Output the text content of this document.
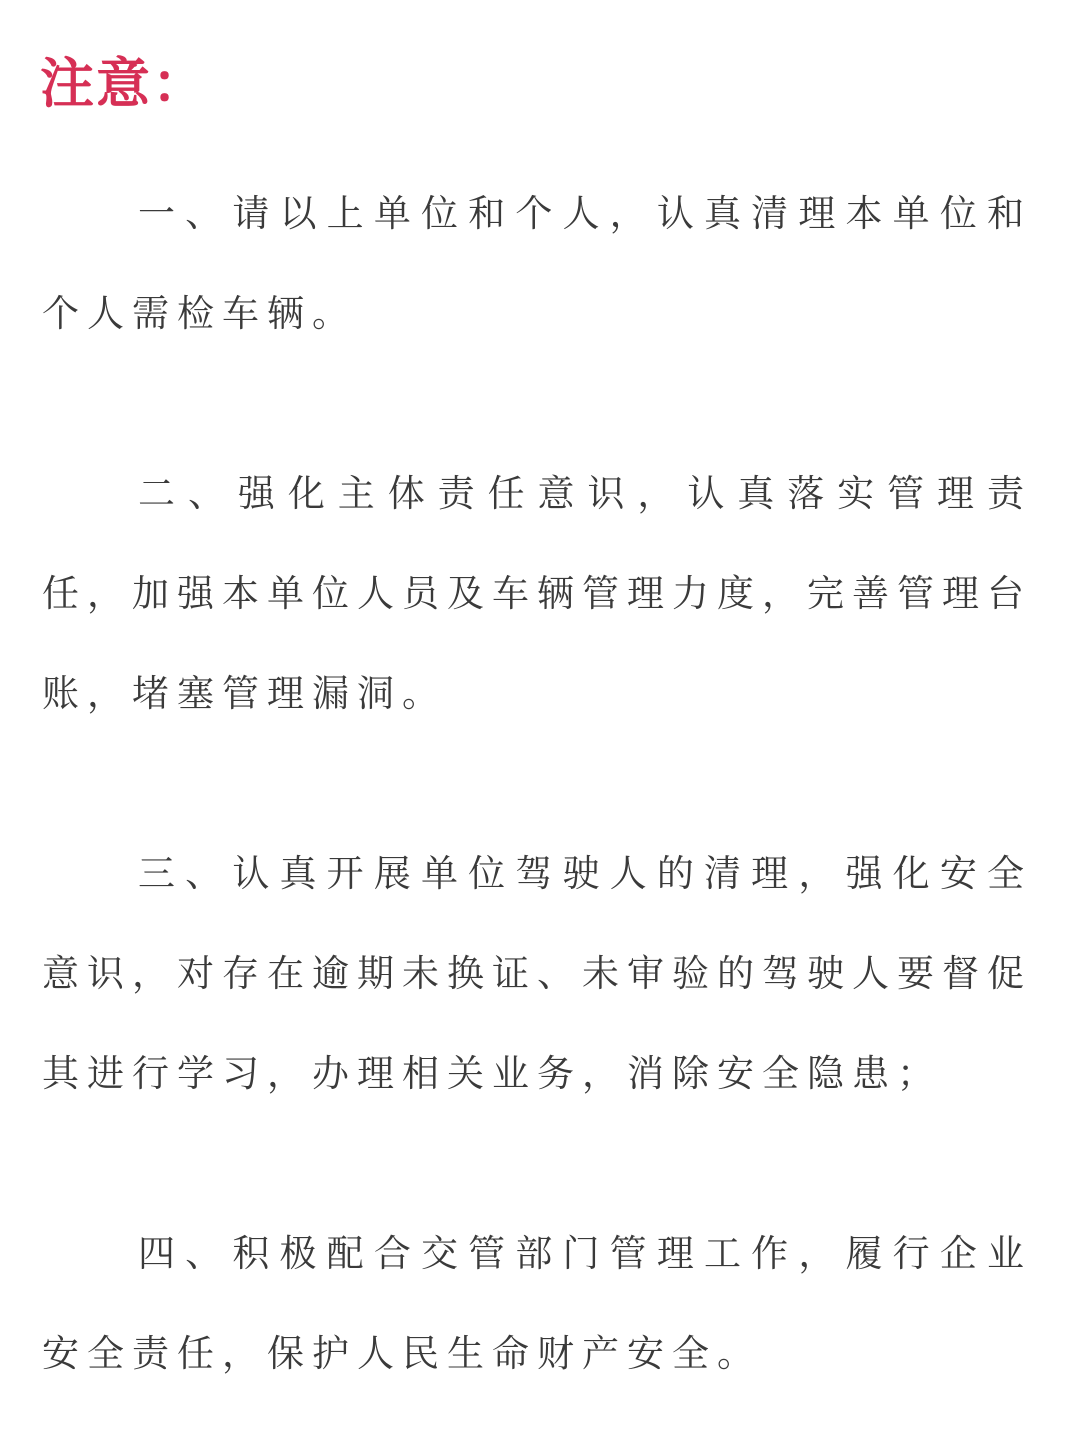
注意：

一、请以上单位和个人，认真清理本单位和个人需检车辆。

二、强化主体责任意识，认真落实管理责任，加强本单位人员及车辆管理力度，完善管理台账，堵塞管理漏洞。

三、认真开展单位驾驶人的清理，强化安全意识，对存在逾期未换证、未审验的驾驶人要督促其进行学习，办理相关业务，消除安全隐患；

四、积极配合交管部门管理工作，履行企业安全责任，保护人民生命财产安全。
